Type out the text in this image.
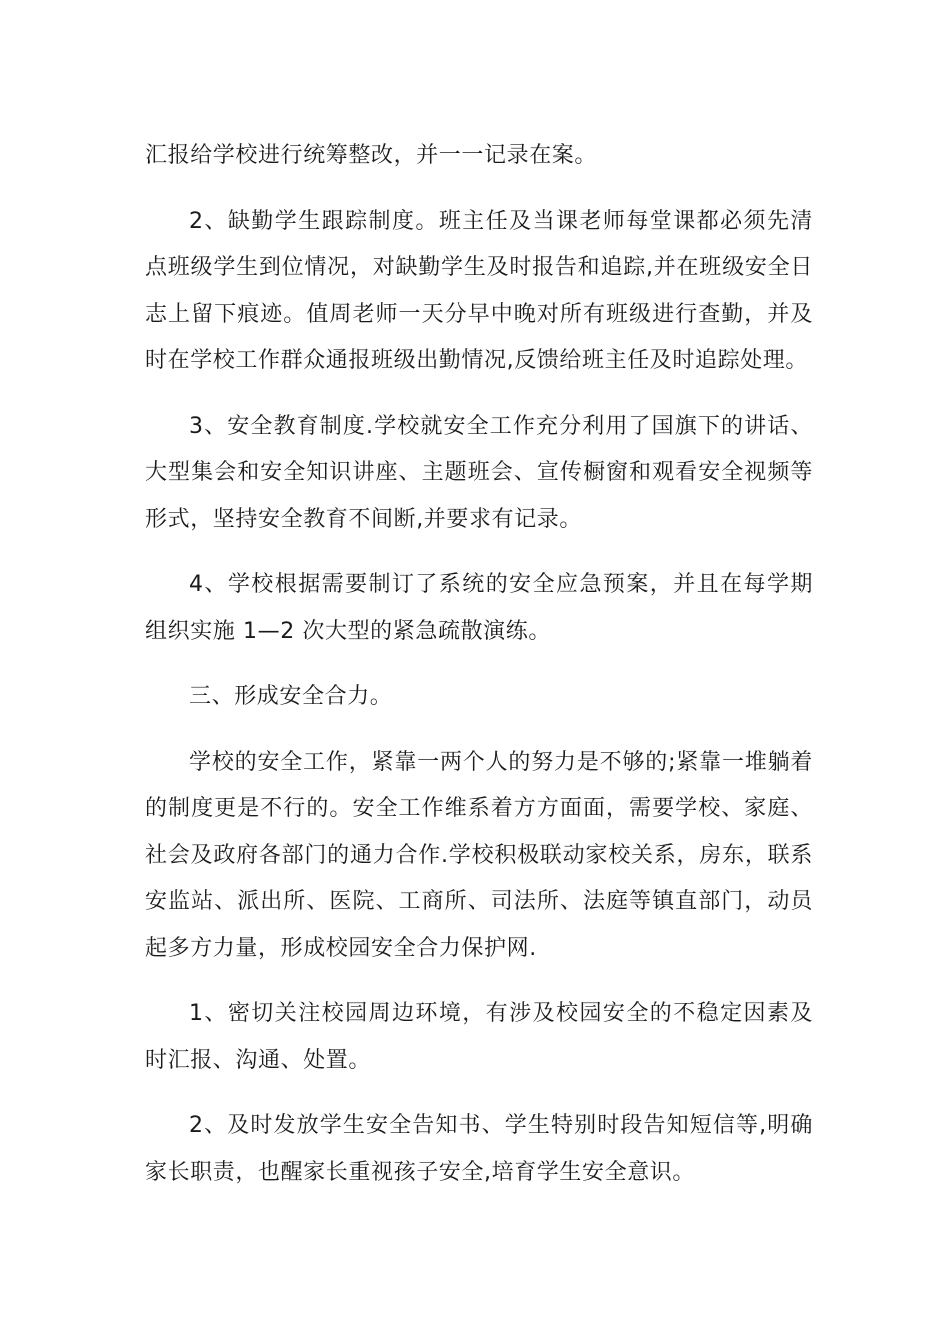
汇报给学校进行统筹整改，并一一记录在案。

2、缺勤学生跟踪制度。班主任及当课老师每堂课都必须先清点班级学生到位情况，对缺勤学生及时报告和追踪,并在班级安全日志上留下痕迹。值周老师一天分早中晚对所有班级进行查勤，并及时在学校工作群众通报班级出勤情况,反馈给班主任及时追踪处理。

3、安全教育制度.学校就安全工作充分利用了国旗下的讲话、大型集会和安全知识讲座、主题班会、宣传橱窗和观看安全视频等形式，坚持安全教育不间断,并要求有记录。

4、学校根据需要制订了系统的安全应急预案，并且在每学期组织实施 1—2 次大型的紧急疏散演练。

三、形成安全合力。

学校的安全工作，紧靠一两个人的努力是不够的;紧靠一堆躺着的制度更是不行的。安全工作维系着方方面面，需要学校、家庭、社会及政府各部门的通力合作.学校积极联动家校关系，房东，联系安监站、派出所、医院、工商所、司法所、法庭等镇直部门，动员起多方力量，形成校园安全合力保护网.

1、密切关注校园周边环境，有涉及校园安全的不稳定因素及时汇报、沟通、处置。

2、及时发放学生安全告知书、学生特别时段告知短信等,明确家长职责，也醒家长重视孩子安全,培育学生安全意识。
